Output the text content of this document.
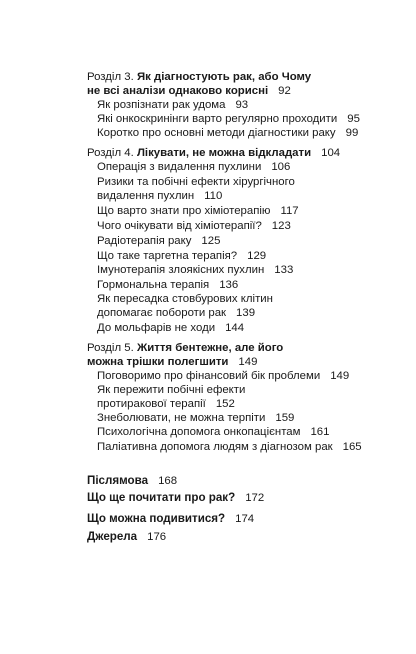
Розділ 3. Як діагностують рак, або Чому
не всі аналізи однаково корисні 92
Як розпізнати рак удома 93
Які онкоскринінги варто регулярно проходити 95
Коротко про основні методи діагностики раку 99
Розділ 4. Лікувати, не можна відкладати 104
Операція з видалення пухлини 106
Ризики та побічні ефекти хірургічного
видалення пухлин 110
Що варто знати про хіміотерапію 117
Чого очікувати від хіміотерапії? 123
Радіотерапія раку 125
Що таке таргетна терапія? 129
Імунотерапія злоякісних пухлин 133
Гормональна терапія 136
Як пересадка стовбурових клітин
допомагає побороти рак 139
До мольфарів не ходи 144
Розділ 5. Життя бентежне, але його
можна трішки полегшити 149
Поговоримо про фінансовий бік проблеми 149
Як пережити побічні ефекти
протиракової терапії 152
Знеболювати, не можна терпіти 159
Психологічна допомога онкопацієнтам 161
Паліативна допомога людям з діагнозом рак 165
Післямова 168
Що ще почитати про рак? 172
Що можна подивитися? 174
Джерела 176
